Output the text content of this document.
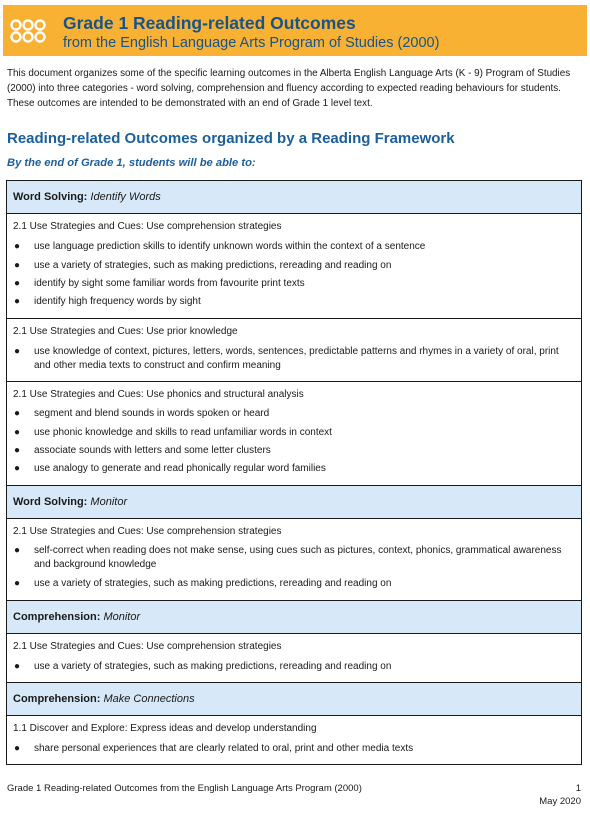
Grade 1 Reading-related Outcomes
from the English Language Arts Program of Studies (2000)
This document organizes some of the specific learning outcomes in the Alberta English Language Arts (K - 9) Program of Studies (2000) into three categories - word solving, comprehension and fluency according to expected reading behaviours for students. These outcomes are intended to be demonstrated with an end of Grade 1 level text.
Reading-related Outcomes organized by a Reading Framework
By the end of Grade 1, students will be able to:
Word Solving: Identify Words
2.1 Use Strategies and Cues: Use comprehension strategies
● use language prediction skills to identify unknown words within the context of a sentence
● use a variety of strategies, such as making predictions, rereading and reading on
● identify by sight some familiar words from favourite print texts
● identify high frequency words by sight
2.1 Use Strategies and Cues: Use prior knowledge
● use knowledge of context, pictures, letters, words, sentences, predictable patterns and rhymes in a variety of oral, print and other media texts to construct and confirm meaning
2.1 Use Strategies and Cues: Use phonics and structural analysis
● segment and blend sounds in words spoken or heard
● use phonic knowledge and skills to read unfamiliar words in context
● associate sounds with letters and some letter clusters
● use analogy to generate and read phonically regular word families
Word Solving: Monitor
2.1 Use Strategies and Cues: Use comprehension strategies
● self-correct when reading does not make sense, using cues such as pictures, context, phonics, grammatical awareness and background knowledge
● use a variety of strategies, such as making predictions, rereading and reading on
Comprehension: Monitor
2.1 Use Strategies and Cues: Use comprehension strategies
● use a variety of strategies, such as making predictions, rereading and reading on
Comprehension: Make Connections
1.1 Discover and Explore: Express ideas and develop understanding
● share personal experiences that are clearly related to oral, print and other media texts
Grade 1 Reading-related Outcomes from the English Language Arts Program (2000)	1
May 2020
